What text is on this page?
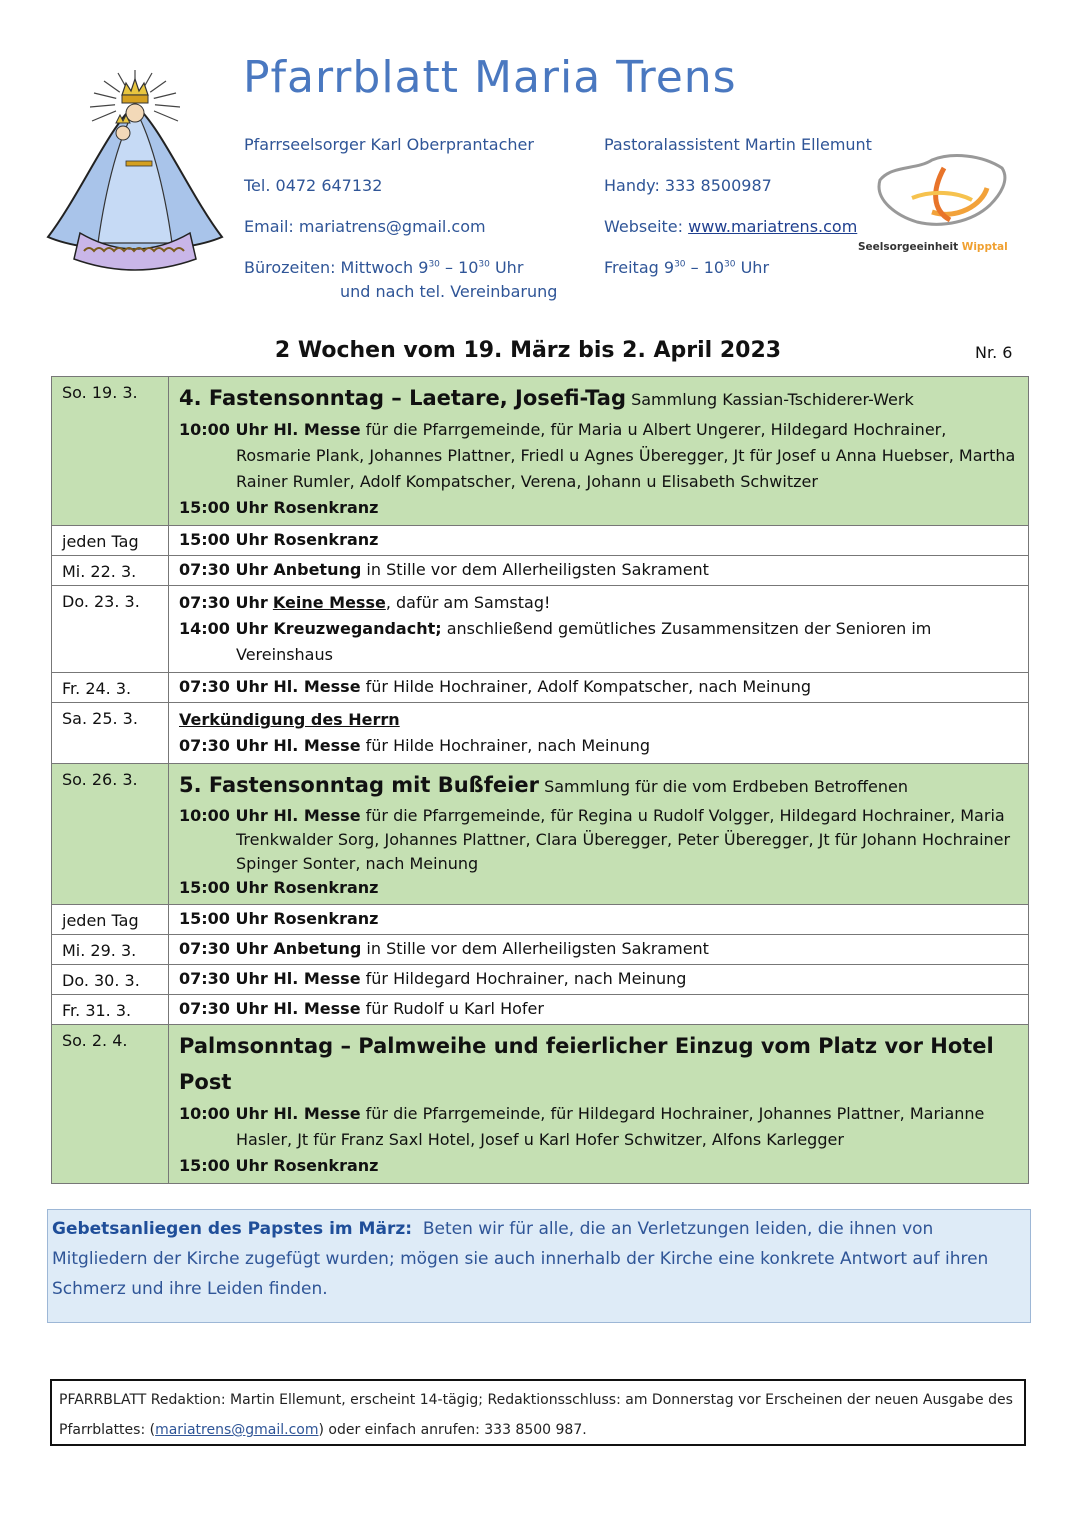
Pfarrblatt Maria Trens
Pfarrseelsorger Karl Oberprantacher
Tel. 0472 647132
Email: mariatrens@gmail.com
Bürozeiten: Mittwoch $9^{30} - 10^{30}$ Uhr
und nach tel. Vereinbarung
Pastoralassistent Martin Ellemunt
Handy: 333 8500987
Webseite: www.mariatrens.com
Freitag $9^{30} - 10^{30}$ Uhr
Seelsorgeeinheit Wipptal
2 Wochen vom 19. März bis 2. April 2023	Nr. 6
So. 19. 3.	4. Fastensonntag – Laetare, Josefi-Tag Sammlung Kassian-Tschiderer-Werk
10:00 Uhr Hl. Messe für die Pfarrgemeinde, für Maria u Albert Ungerer, Hildegard Hochrainer, Rosmarie Plank, Johannes Plattner, Friedl u Agnes Überegger, Jt für Josef u Anna Huebser, Martha Rainer Rumler, Adolf Kompatscher, Verena, Johann u Elisabeth Schwitzer
15:00 Uhr Rosenkranz

jeden Tag	15:00 Uhr Rosenkranz
Mi. 22. 3.	07:30 Uhr Anbetung in Stille vor dem Allerheiligsten Sakrament
Do. 23. 3.	07:30 Uhr Keine Messe, dafür am Samstag!
14:00 Uhr Kreuzwegandacht; anschließend gemütliches Zusammensitzen der Senioren im Vereinshaus

Fr. 24. 3.	07:30 Uhr Hl. Messe für Hilde Hochrainer, Adolf Kompatscher, nach Meinung
Sa. 25. 3.	Verkündigung des Herrn
07:30 Uhr Hl. Messe für Hilde Hochrainer, nach Meinung

So. 26. 3.	5. Fastensonntag mit Bußfeier Sammlung für die vom Erdbeben Betroffenen
10:00 Uhr Hl. Messe für die Pfarrgemeinde, für Regina u Rudolf Volgger, Hildegard Hochrainer, Maria Trenkwalder Sorg, Johannes Plattner, Clara Überegger, Peter Überegger, Jt für Johann Hochrainer Spinger Sonter, nach Meinung
15:00 Uhr Rosenkranz

jeden Tag	15:00 Uhr Rosenkranz
Mi. 29. 3.	07:30 Uhr Anbetung in Stille vor dem Allerheiligsten Sakrament
Do. 30. 3.	07:30 Uhr Hl. Messe für Hildegard Hochrainer, nach Meinung
Fr. 31. 3.	07:30 Uhr Hl. Messe für Rudolf u Karl Hofer
So. 2. 4.	Palmsonntag – Palmweihe und feierlicher Einzug vom Platz vor Hotel Post
10:00 Uhr Hl. Messe für die Pfarrgemeinde, für Hildegard Hochrainer, Johannes Plattner, Marianne Hasler, Jt für Franz Saxl Hotel, Josef u Karl Hofer Schwitzer, Alfons Karlegger
15:00 Uhr Rosenkranz
Gebetsanliegen des Papstes im März: Beten wir für alle, die an Verletzungen leiden, die ihnen von Mitgliedern der Kirche zugefügt wurden; mögen sie auch innerhalb der Kirche eine konkrete Antwort auf ihren Schmerz und ihre Leiden finden.
PFARRBLATT Redaktion: Martin Ellemunt, erscheint 14-tägig; Redaktionsschluss: am Donnerstag vor Erscheinen der neuen Ausgabe des Pfarrblattes: (mariatrens@gmail.com) oder einfach anrufen: 333 8500 987.
